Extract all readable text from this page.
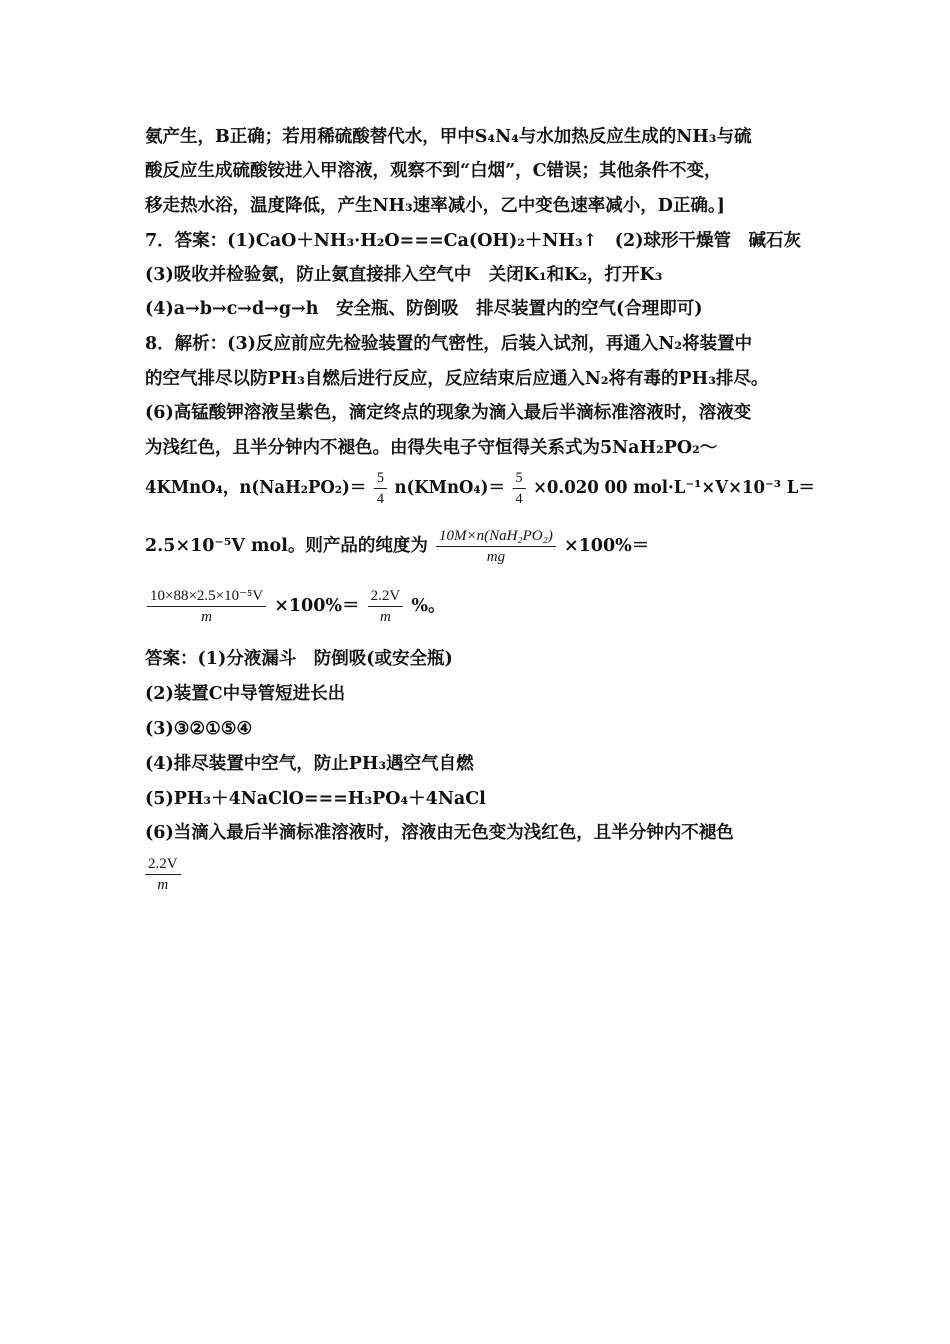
氨产生，B正确；若用稀硫酸替代水，甲中S₄N₄与水加热反应生成的NH₃与硫
酸反应生成硫酸铵进入甲溶液，观察不到“白烟”，C错误；其他条件不变，
移走热水浴，温度降低，产生NH₃速率减小，乙中变色速率减小，D正确。]
7．答案：(1)CaO＋NH₃·H₂O===Ca(OH)₂＋NH₃↑　(2)球形干燥管　碱石灰
(3)吸收并检验氨，防止氨直接排入空气中　关闭K₁和K₂，打开K₃
(4)a→b→c→d→g→h　安全瓶、防倒吸　排尽装置内的空气(合理即可)
8．解析：(3)反应前应先检验装置的气密性，后装入试剂，再通入N₂将装置中
的空气排尽以防PH₃自燃后进行反应，反应结束后应通入N₂将有毒的PH₃排尽。
(6)高锰酸钾溶液呈紫色，滴定终点的现象为滴入最后半滴标准溶液时，溶液变
为浅红色，且半分钟内不褪色。由得失电子守恒得关系式为5NaH₂PO₂～
4KMnO₄，$n(NaH_2PO_2)= \frac{5}{4}$ n(KMnO₄)＝ $\frac{5}{4} \times 0.020$ 00 mol·L⁻¹×V×10⁻³ L＝
2.5×10⁻⁵V mol。则产品的纯度为 $\frac{\text{10M×n(NaH₂PO₂)}}{mg} \times 100\%=$
$\frac{\text{10×88×2.5×10⁻⁵V}}{m} \times 100\%= \frac{2.2V}{m}$ %。
答案：(1)分液漏斗　防倒吸(或安全瓶)
(2)装置C中导管短进长出
(3)③②①⑤④
(4)排尽装置中空气，防止PH₃遇空气自燃
(5)PH₃＋4NaClO===H₃PO₄＋4NaCl
(6)当滴入最后半滴标准溶液时，溶液由无色变为浅红色，且半分钟内不褪色
$\frac{2.2V}{m}$
